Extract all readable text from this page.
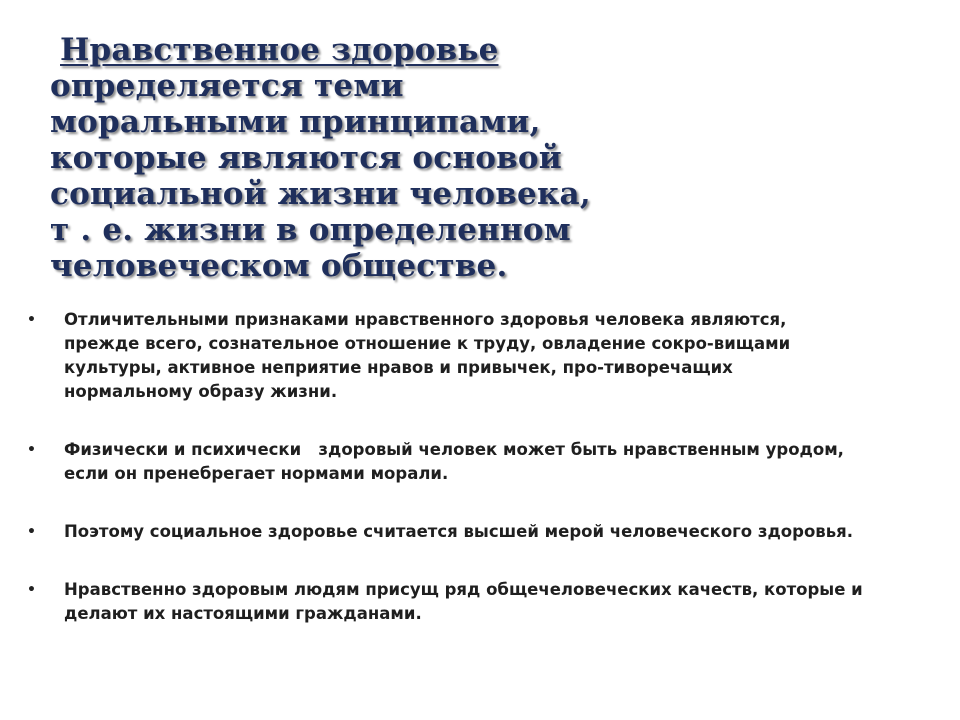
Нравственное здоровье
определяется теми
моральными принципами,
которые являются основой
социальной жизни человека,
т . е. жизни в определенном
человеческом обществе.
• Отличительными признаками нравственного здоровья человека являются,
прежде всего, сознательное отношение к труду, овладение сокро-вищами
культуры, активное неприятие нравов и привычек, про-тиворечащих
нормальному образу жизни.
• Физически и психически   здоровый человек может быть нравственным уродом,
если он пренебрегает нормами морали.
• Поэтому социальное здоровье считается высшей мерой человеческого здоровья.
• Нравственно здоровым людям присущ ряд общечеловеческих качеств, которые и
делают их настоящими гражданами.
